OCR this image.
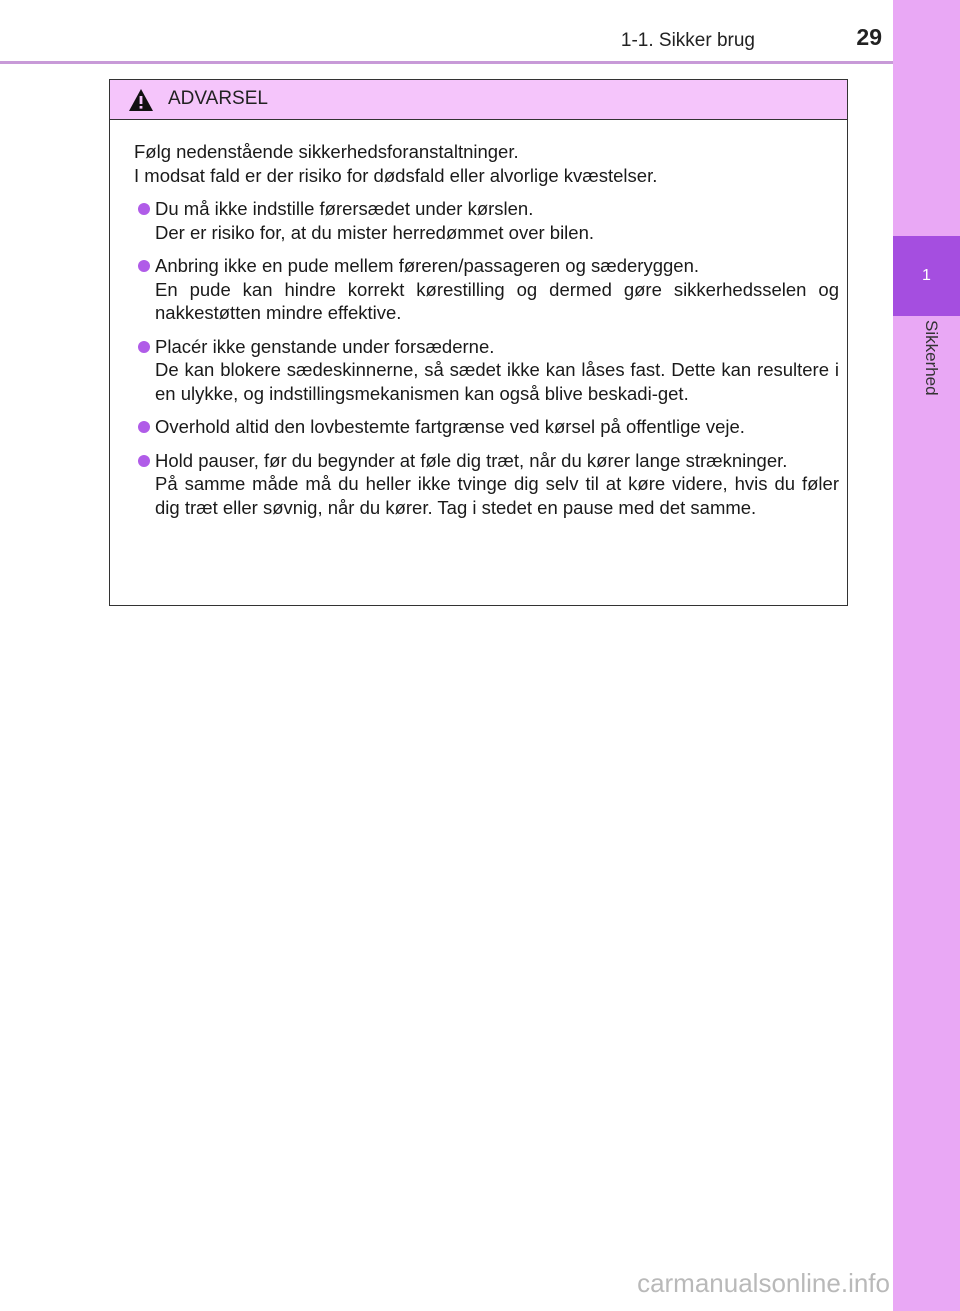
1
Sikkerhed
1-1. Sikker brug	29
ADVARSEL
Følg nedenstående sikkerhedsforanstaltninger.
I modsat fald er der risiko for dødsfald eller alvorlige kvæstelser.
Du må ikke indstille førersædet under kørslen.
Der er risiko for, at du mister herredømmet over bilen.
Anbring ikke en pude mellem føreren/passageren og sæderyggen.
En pude kan hindre korrekt kørestilling og dermed gøre sikkerhedsselen og nakkestøtten mindre effektive.
Placér ikke genstande under forsæderne.
De kan blokere sædeskinnerne, så sædet ikke kan låses fast. Dette kan resultere i en ulykke, og indstillingsmekanismen kan også blive beskadi-get.
Overhold altid den lovbestemte fartgrænse ved kørsel på offentlige veje.
Hold pauser, før du begynder at føle dig træt, når du kører lange strækninger.
På samme måde må du heller ikke tvinge dig selv til at køre videre, hvis du føler dig træt eller søvnig, når du kører. Tag i stedet en pause med det samme.
carmanualsonline.info
